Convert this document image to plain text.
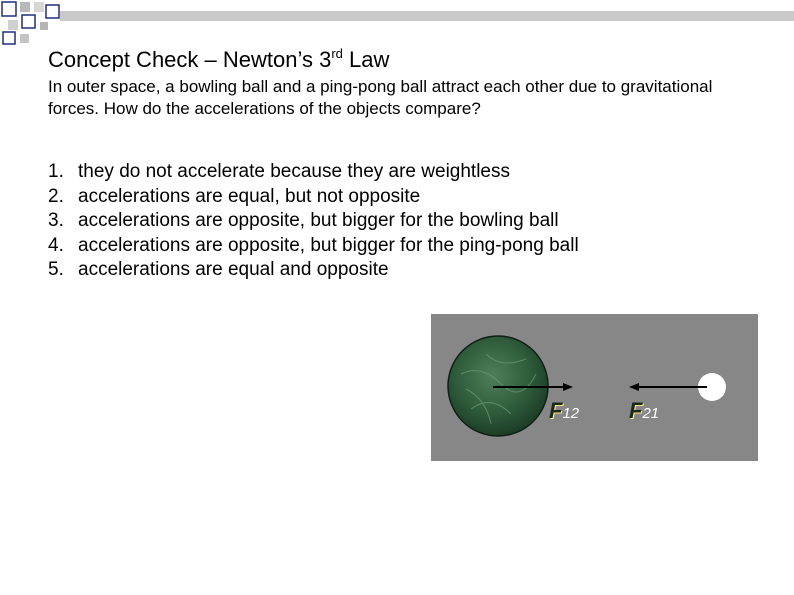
Concept Check – Newton’s 3rd Law
In outer space, a bowling ball and a ping-pong ball attract each other due to gravitational forces. How do the accelerations of the objects compare?
1. they do not accelerate because they are weightless
2. accelerations are equal, but not opposite
3. accelerations are opposite, but bigger for the bowling ball
4. accelerations are opposite, but bigger for the ping-pong ball
5. accelerations are equal and opposite
F12 F21
